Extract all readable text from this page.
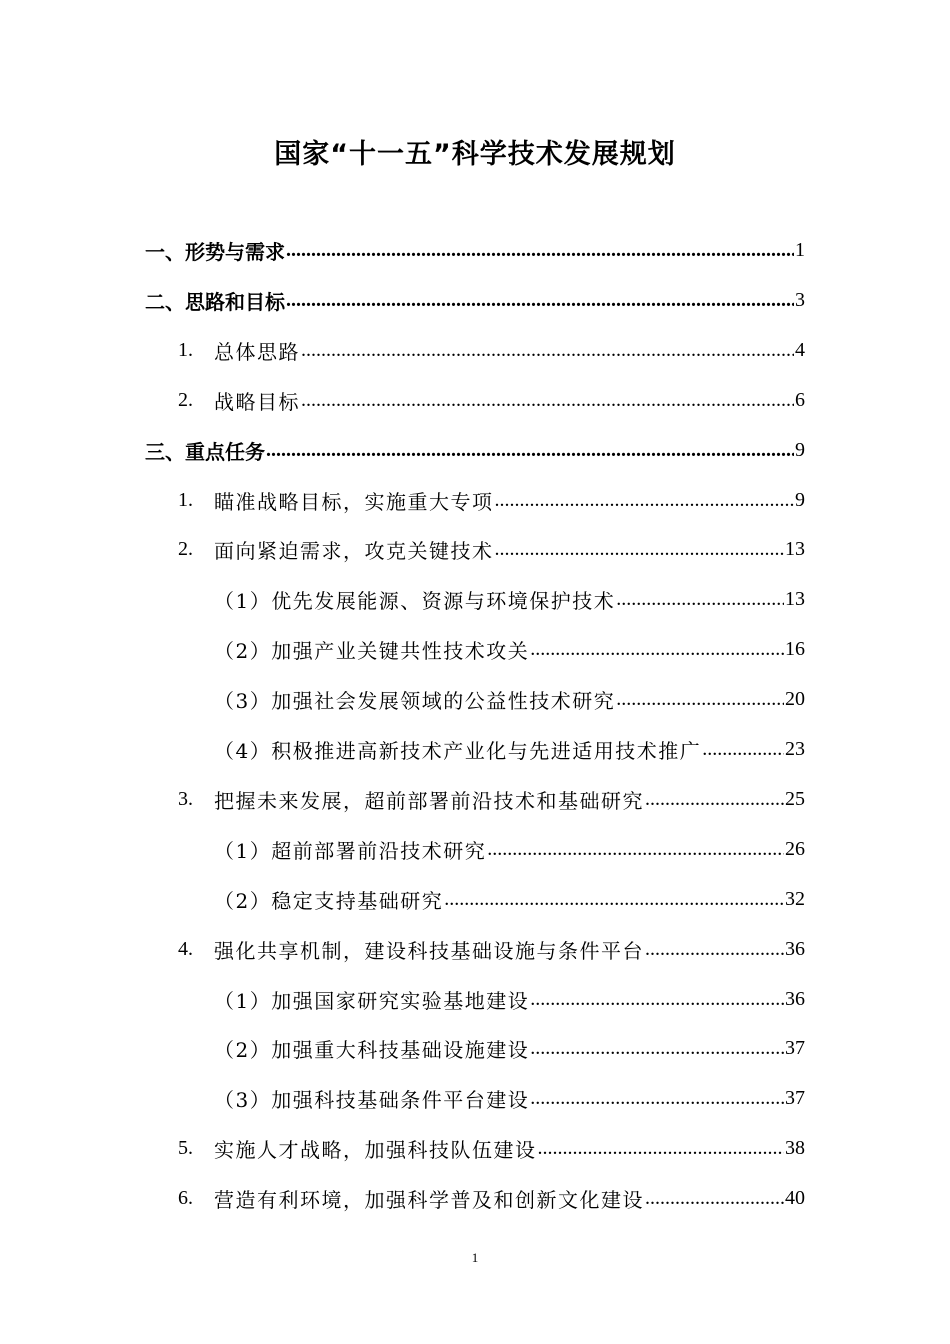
国家“十一五”科学技术发展规划
一、形势与需求 .....	1
二、思路和目标 .....	3
1.	总体思路 .....	4
2.	战略目标 .....	6
三、重点任务 .....	9
1.	瞄准战略目标，实施重大专项 .....	9
2.	面向紧迫需求，攻克关键技术 .....	13
（1）优先发展能源、资源与环境保护技术 .....	13
（2）加强产业关键共性技术攻关 .....	16
（3）加强社会发展领域的公益性技术研究 .....	20
（4）积极推进高新技术产业化与先进适用技术推广 .....	23
3.	把握未来发展，超前部署前沿技术和基础研究 .....	25
（1）超前部署前沿技术研究 .....	26
（2）稳定支持基础研究 .....	32
4.	强化共享机制，建设科技基础设施与条件平台 .....	36
（1）加强国家研究实验基地建设 .....	36
（2）加强重大科技基础设施建设 .....	37
（3）加强科技基础条件平台建设 .....	37
5.	实施人才战略，加强科技队伍建设 .....	38
6.	营造有利环境，加强科学普及和创新文化建设 .....	40
1
